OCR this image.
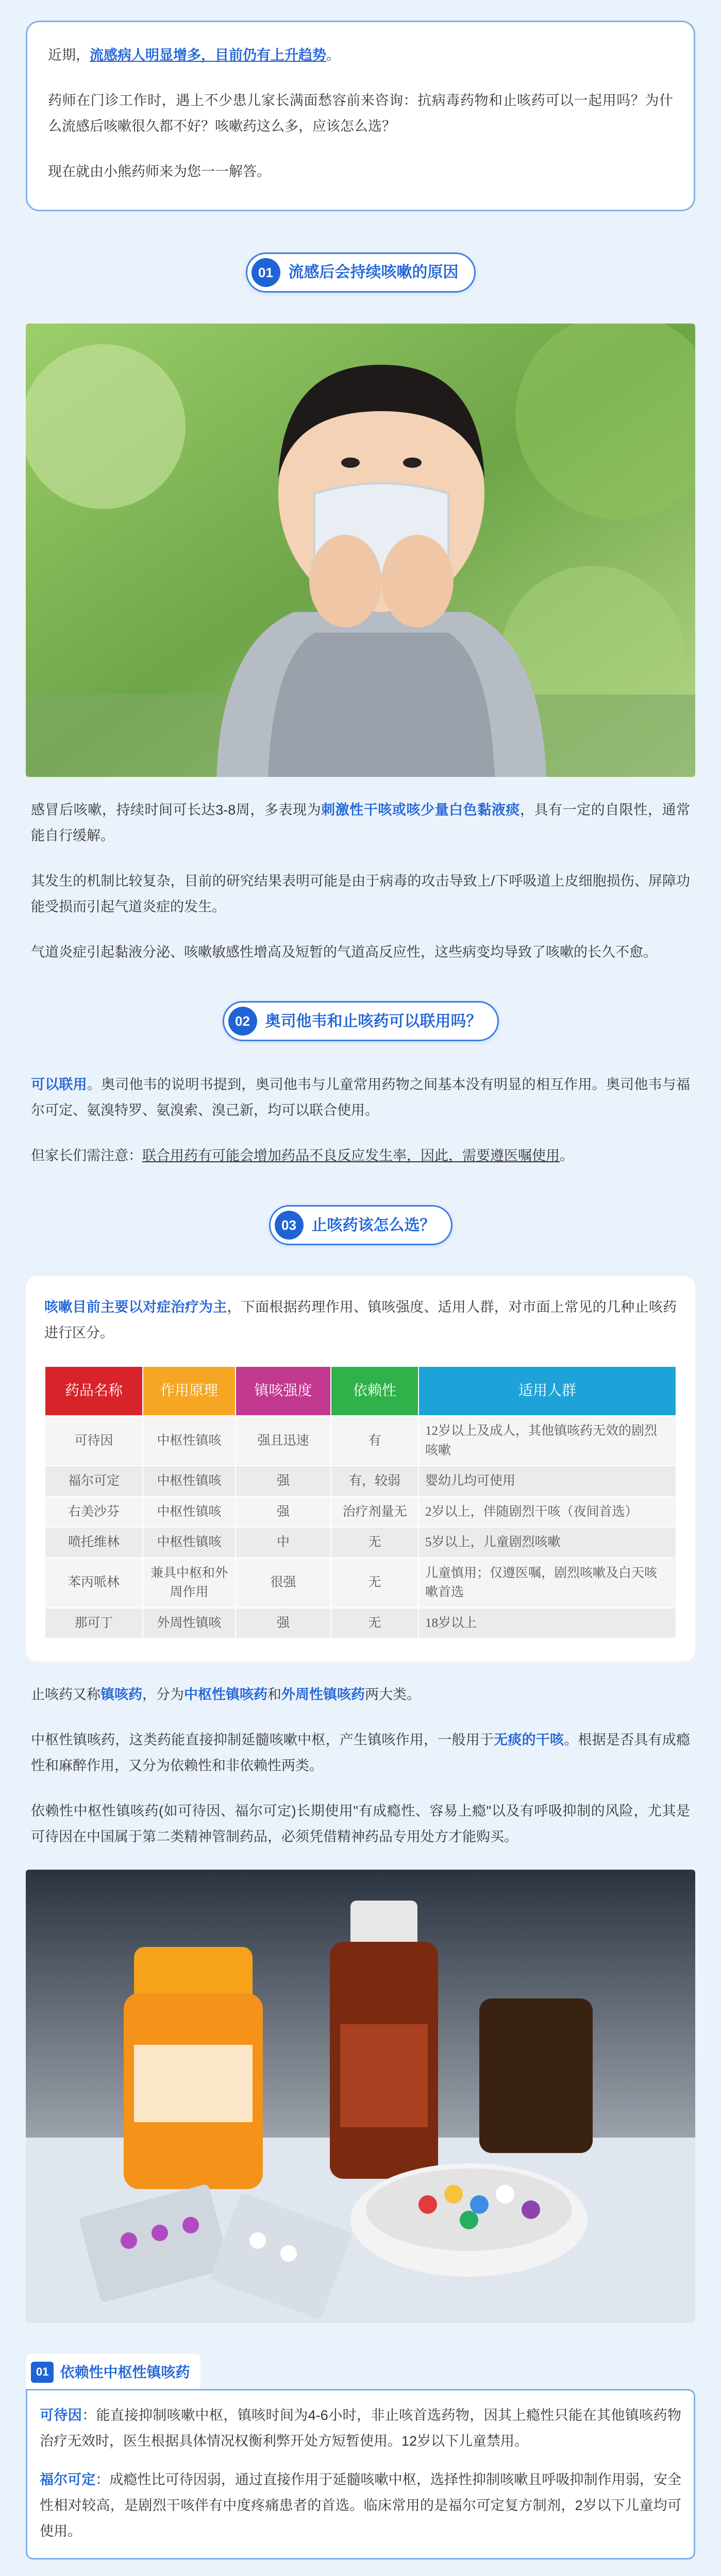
近期，流感病人明显增多，目前仍有上升趋势。

药师在门诊工作时，遇上不少患儿家长满面愁容前来咨询：抗病毒药物和止咳药可以一起用吗？为什么流感后咳嗽很久都不好？咳嗽药这么多，应该怎么选？

现在就由小熊药师来为您一一解答。

01 流感后会持续咳嗽的原因

感冒后咳嗽，持续时间可长达3-8周，多表现为刺激性干咳或咳少量白色黏液痰，具有一定的自限性，通常能自行缓解。

其发生的机制比较复杂，目前的研究结果表明可能是由于病毒的攻击导致上/下呼吸道上皮细胞损伤、屏障功能受损而引起气道炎症的发生。

气道炎症引起黏液分泌、咳嗽敏感性增高及短暂的气道高反应性，这些病变均导致了咳嗽的长久不愈。

02 奥司他韦和止咳药可以联用吗？

可以联用。奥司他韦的说明书提到，奥司他韦与儿童常用药物之间基本没有明显的相互作用。奥司他韦与福尔可定、氨溴特罗、氨溴索、溴己新，均可以联合使用。

但家长们需注意：联合用药有可能会增加药品不良反应发生率，因此，需要遵医嘱使用。

03 止咳药该怎么选？

咳嗽目前主要以对症治疗为主，下面根据药理作用、镇咳强度、适用人群，对市面上常见的几种止咳药进行区分。

药品名称	作用原理	镇咳强度	依赖性	适用人群
可待因	中枢性镇咳	强且迅速	有	12岁以上及成人，其他镇咳药无效的剧烈咳嗽
福尔可定	中枢性镇咳	强	有，较弱	婴幼儿均可使用
右美沙芬	中枢性镇咳	强	治疗剂量无	2岁以上，伴随剧烈干咳（夜间首选）
喷托维林	中枢性镇咳	中	无	5岁以上，儿童剧烈咳嗽
苯丙哌林	兼具中枢和外周作用	很强	无	儿童慎用；仅遵医嘱，剧烈咳嗽及白天咳嗽首选
那可丁	外周性镇咳	强	无	18岁以上

止咳药又称镇咳药，分为中枢性镇咳药和外周性镇咳药两大类。

中枢性镇咳药，这类药能直接抑制延髓咳嗽中枢，产生镇咳作用，一般用于无痰的干咳。根据是否具有成瘾性和麻醉作用，又分为依赖性和非依赖性两类。

依赖性中枢性镇咳药(如可待因、福尔可定)长期使用"有成瘾性、容易上瘾"以及有呼吸抑制的风险，尤其是可待因在中国属于第二类精神管制药品，必须凭借精神药品专用处方才能购买。

01 依赖性中枢性镇咳药

可待因：能直接抑制咳嗽中枢，镇咳时间为4-6小时，非止咳首选药物，因其上瘾性只能在其他镇咳药物治疗无效时，医生根据具体情况权衡利弊开处方短暂使用。12岁以下儿童禁用。

福尔可定：成瘾性比可待因弱，通过直接作用于延髓咳嗽中枢，选择性抑制咳嗽且呼吸抑制作用弱，安全性相对较高，是剧烈干咳伴有中度疼痛患者的首选。临床常用的是福尔可定复方制剂，2岁以下儿童均可使用。
